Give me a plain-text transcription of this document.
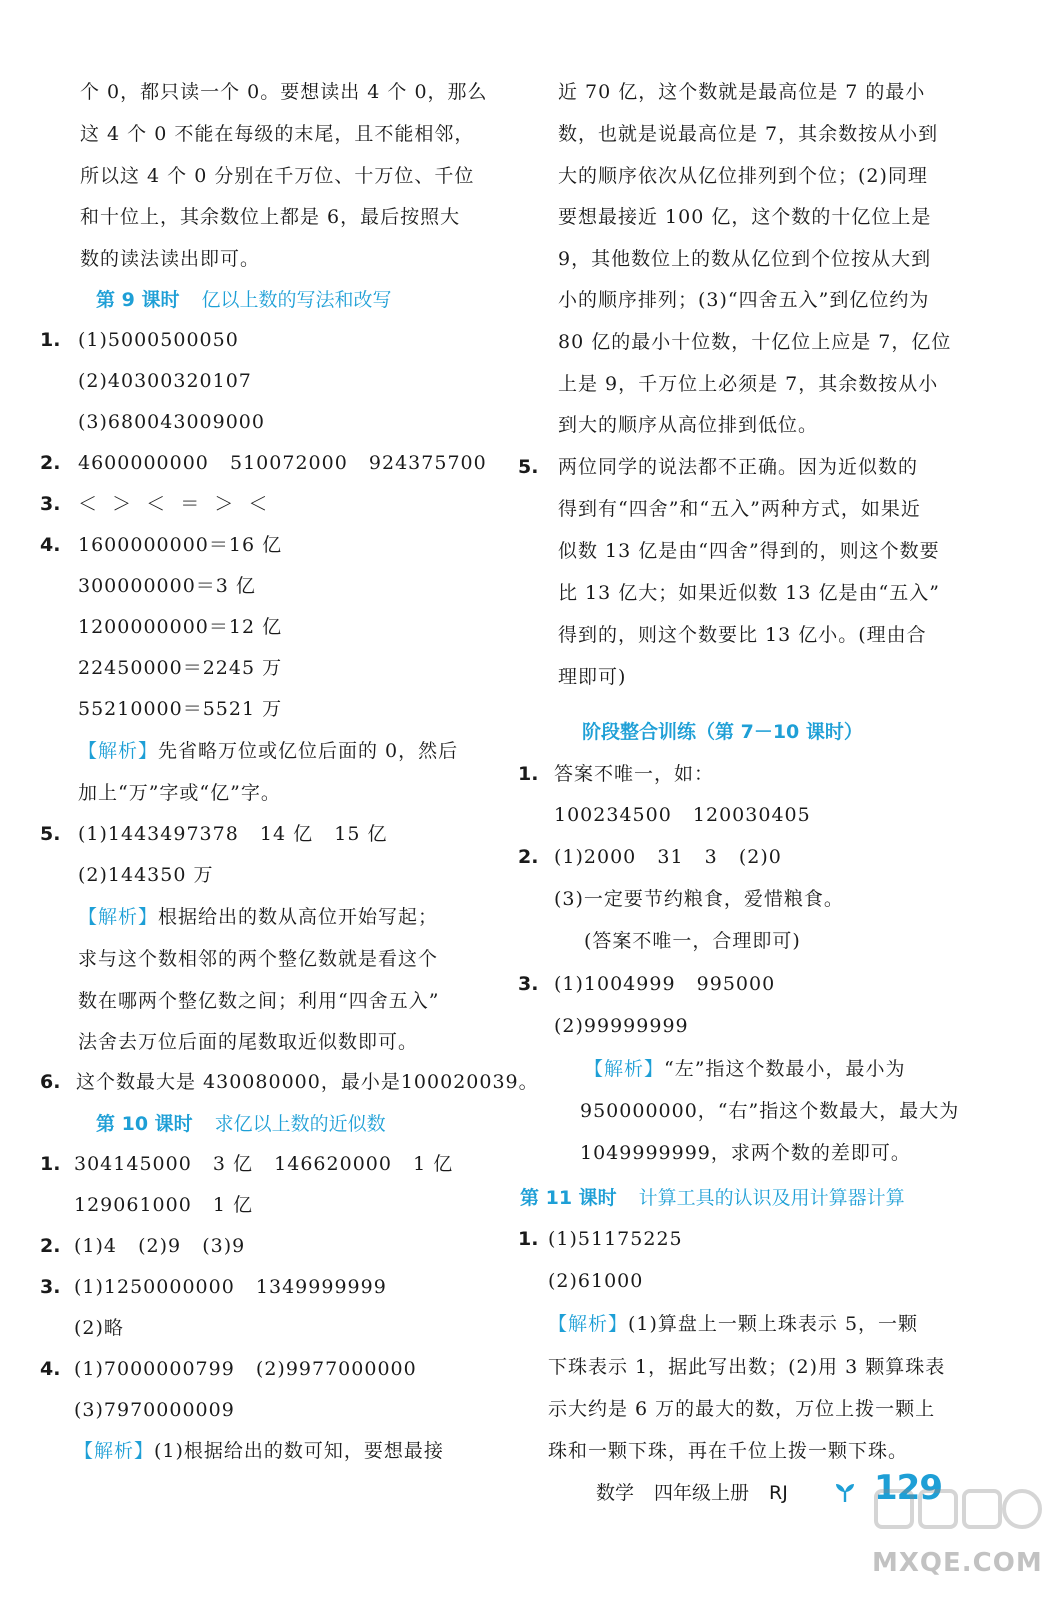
个 0，都只读一个 0。要想读出 4 个 0，那么
这 4 个 0 不能在每级的末尾，且不能相邻，
所以这 4 个 0 分别在千万位、十万位、千位
和十位上，其余数位上都是 6，最后按照大
数的读法读出即可。
第 9 课时 亿以上数的写法和改写
1. (1)5000500050
(2)40300320107
(3)680043009000
2. 4600000000   510072000   924375700
3. ＜  ＞  ＜  ＝  ＞  ＜
4. 1600000000＝16 亿
300000000＝3 亿
1200000000＝12 亿
22450000＝2245 万
55210000＝5521 万
【解析】先省略万位或亿位后面的 0，然后
加上“万”字或“亿”字。
5. (1)1443497378   14 亿   15 亿
(2)144350 万
【解析】根据给出的数从高位开始写起；
求与这个数相邻的两个整亿数就是看这个
数在哪两个整亿数之间；利用“四舍五入”
法舍去万位后面的尾数取近似数即可。
6. 这个数最大是 430080000，最小是100020039。
第 10 课时 求亿以上数的近似数
1. 304145000   3 亿   146620000   1 亿
129061000   1 亿
2. (1)4   (2)9   (3)9
3. (1)1250000000   1349999999
(2)略
4. (1)7000000799   (2)9977000000
(3)7970000009
【解析】(1)根据给出的数可知，要想最接
近 70 亿，这个数就是最高位是 7 的最小
数，也就是说最高位是 7，其余数按从小到
大的顺序依次从亿位排列到个位；(2)同理
要想最接近 100 亿，这个数的十亿位上是
9，其他数位上的数从亿位到个位按从大到
小的顺序排列；(3)“四舍五入”到亿位约为
80 亿的最小十位数，十亿位上应是 7，亿位
上是 9，千万位上必须是 7，其余数按从小
到大的顺序从高位排到低位。
5. 两位同学的说法都不正确。因为近似数的
得到有“四舍”和“五入”两种方式，如果近
似数 13 亿是由“四舍”得到的，则这个数要
比 13 亿大；如果近似数 13 亿是由“五入”
得到的，则这个数要比 13 亿小。(理由合
理即可)
阶段整合训练（第 7－10 课时）
1. 答案不唯一，如：
100234500   120030405
2. (1)2000   31   3   (2)0
(3)一定要节约粮食，爱惜粮食。
(答案不唯一，合理即可)
3. (1)1004999   995000
(2)99999999
【解析】“左”指这个数最小，最小为
950000000，“右”指这个数最大，最大为
1049999999，求两个数的差即可。
第 11 课时 计算工具的认识及用计算器计算
1. (1)51175225
(2)61000
【解析】(1)算盘上一颗上珠表示 5，一颗
下珠表示 1，据此写出数；(2)用 3 颗算珠表
示大约是 6 万的最大的数，万位上拨一颗上
珠和一颗下珠，再在千位上拨一颗下珠。
数学 四年级上册 RJ	129
MXQE.COM
